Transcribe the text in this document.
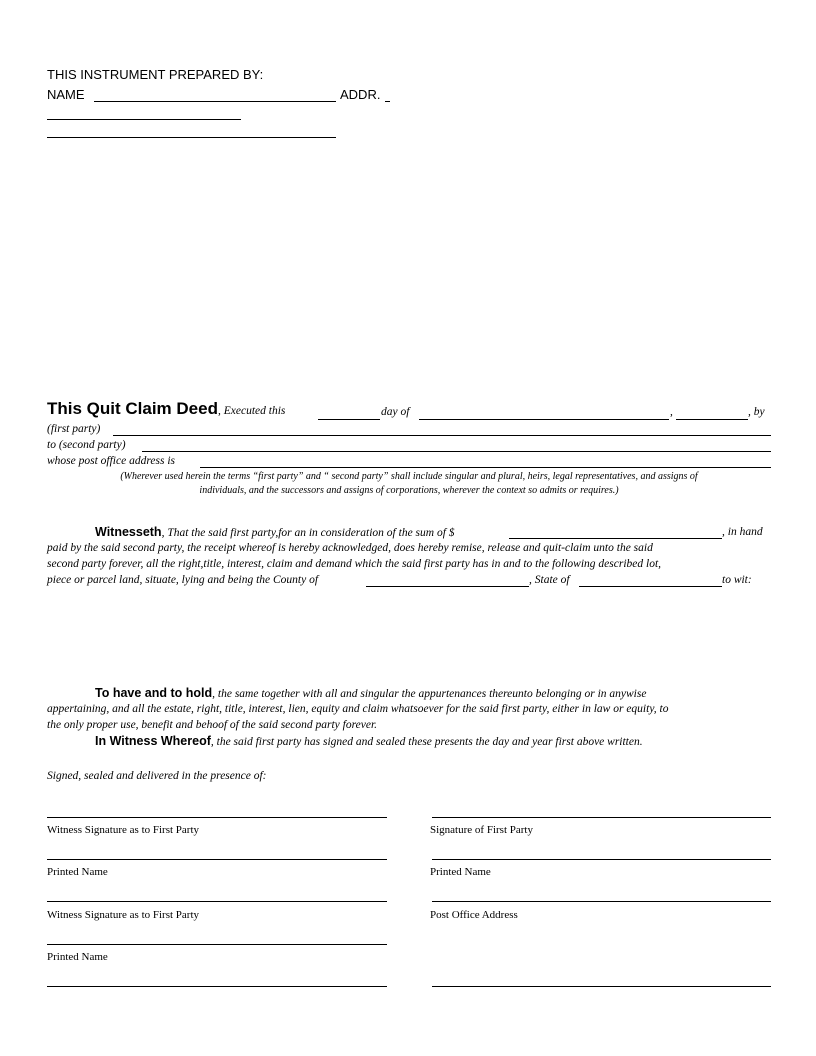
THIS INSTRUMENT PREPARED BY:
NAME	ADDR.
This Quit Claim Deed, Executed this	day of	,	, by
(first party)
to (second party)
whose post office address is
(Wherever used herein the terms “first party” and “ second party” shall include singular and plural, heirs, legal representatives, and assigns of
individuals, and the successors and assigns of corporations, wherever the context so admits or requires.)
Witnesseth, That the said first party,for an in consideration of the sum of $	, in hand
paid by the said second party, the receipt whereof is hereby acknowledged, does hereby remise, release and quit-claim unto the said
second party forever, all the right,title, interest, claim and demand which the said first party has in and to the following described lot,
piece or parcel land, situate, lying and being the County of	, State of	to wit:
To have and to hold, the same together with all and singular the appurtenances thereunto belonging or in anywise
appertaining, and all the estate, right, title, interest, lien, equity and claim whatsoever for the said first party, either in law or equity, to
the only proper use, benefit and behoof of the said second party forever.
In Witness Whereof, the said first party has signed and sealed these presents the day and year first above written.
Signed, sealed and delivered in the presence of:
Witness Signature as to First Party	Signature of First Party
Printed Name	Printed Name
Witness Signature as to First Party	Post Office Address
Printed Name
